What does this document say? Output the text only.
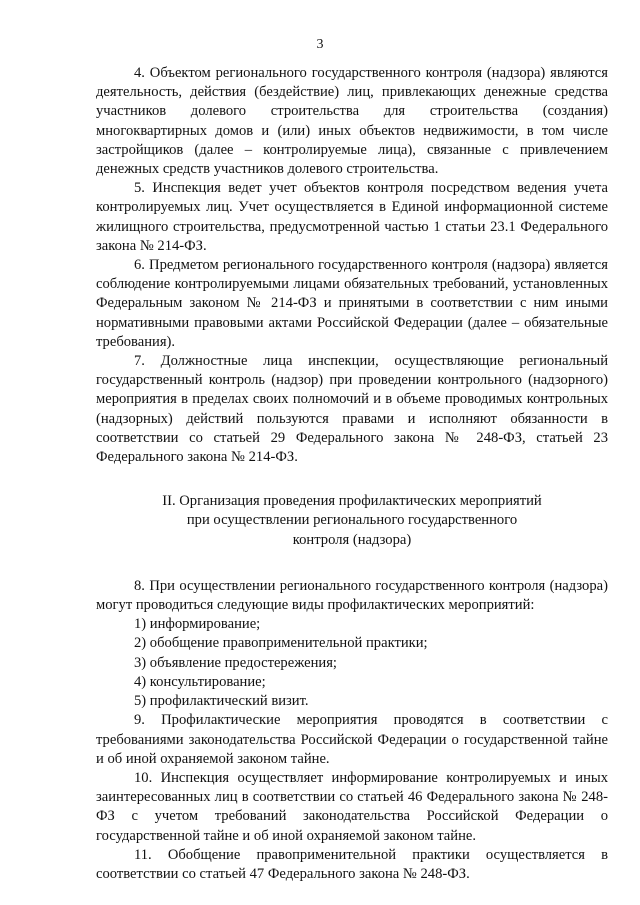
3

4. Объектом регионального государственного контроля (надзора) являются деятельность, действия (бездействие) лиц, привлекающих денежные средства участников долевого строительства для строительства (создания) многоквартирных домов и (или) иных объектов недвижимости, в том числе застройщиков (далее – контролируемые лица), связанные с привлечением денежных средств участников долевого строительства.

5. Инспекция ведет учет объектов контроля посредством ведения учета контролируемых лиц. Учет осуществляется в Единой информационной системе жилищного строительства, предусмотренной частью 1 статьи 23.1 Федерального закона № 214-ФЗ.

6. Предметом регионального государственного контроля (надзора) является соблюдение контролируемыми лицами обязательных требований, установленных Федеральным законом № 214-ФЗ и принятыми в соответствии с ним иными нормативными правовыми актами Российской Федерации (далее – обязательные требования).

7. Должностные лица инспекции, осуществляющие региональный государственный контроль (надзор) при проведении контрольного (надзорного) мероприятия в пределах своих полномочий и в объеме проводимых контрольных (надзорных) действий пользуются правами и исполняют обязанности в соответствии со статьей 29 Федерального закона № 248-ФЗ, статьей 23 Федерального закона № 214-ФЗ.

II. Организация проведения профилактических мероприятий
при осуществлении регионального государственного
контроля (надзора)

8. При осуществлении регионального государственного контроля (надзора) могут проводиться следующие виды профилактических мероприятий:

1) информирование;

2) обобщение правоприменительной практики;

3) объявление предостережения;

4) консультирование;

5) профилактический визит.

9. Профилактические мероприятия проводятся в соответствии с требованиями законодательства Российской Федерации о государственной тайне и об иной охраняемой законом тайне.

10. Инспекция осуществляет информирование контролируемых и иных заинтересованных лиц в соответствии со статьей 46 Федерального закона № 248-ФЗ с учетом требований законодательства Российской Федерации о государственной тайне и об иной охраняемой законом тайне.

11. Обобщение правоприменительной практики осуществляется в соответствии со статьей 47 Федерального закона № 248-ФЗ.
